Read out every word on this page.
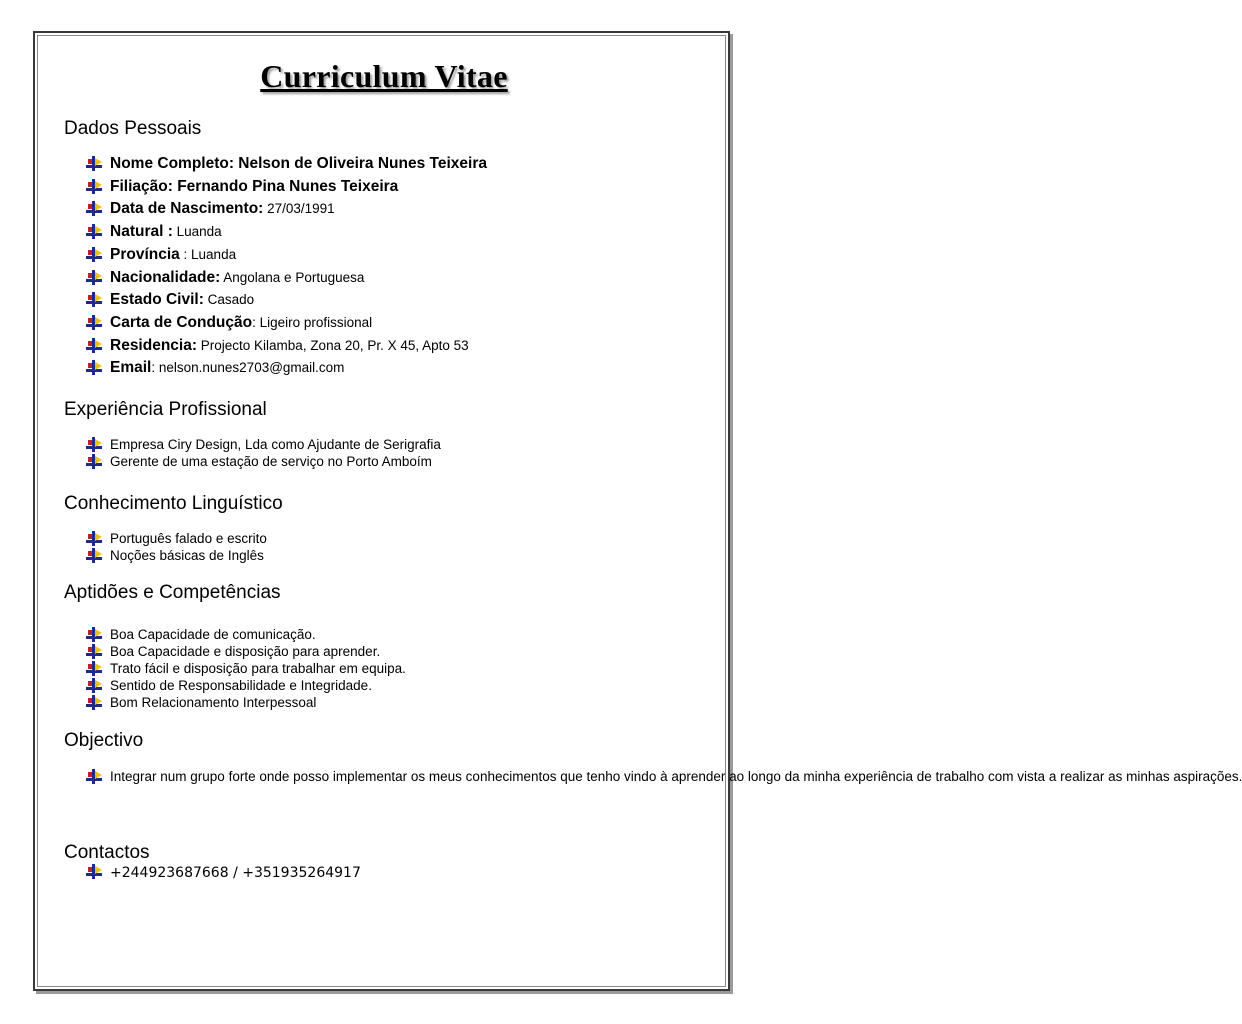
Curriculum Vitae
Dados Pessoais
Nome Completo: Nelson de Oliveira Nunes Teixeira
Filiação: Fernando Pina Nunes Teixeira
Data de Nascimento: 27/03/1991
Natural : Luanda
Província : Luanda
Nacionalidade: Angolana e Portuguesa
Estado Civil: Casado
Carta de Condução: Ligeiro profissional
Residencia: Projecto Kilamba, Zona 20, Pr. X 45, Apto 53
Email: nelson.nunes2703@gmail.com
Experiência Profissional
Empresa Ciry Design, Lda como Ajudante de Serigrafia
Gerente de uma estação de serviço no Porto Amboím
Conhecimento Linguístico
Português falado e escrito
Noções básicas de Inglês
Aptidões e Competências
Boa Capacidade de comunicação.
Boa Capacidade e disposição para aprender.
Trato fácil e disposição para trabalhar em equipa.
Sentido de Responsabilidade e Integridade.
Bom Relacionamento Interpessoal
Objectivo
Integrar num grupo forte onde posso implementar os meus conhecimentos que tenho vindo à aprender ao longo da minha experiência de trabalho com vista a realizar as minhas aspirações.
Contactos
+244923687668 / +351935264917
